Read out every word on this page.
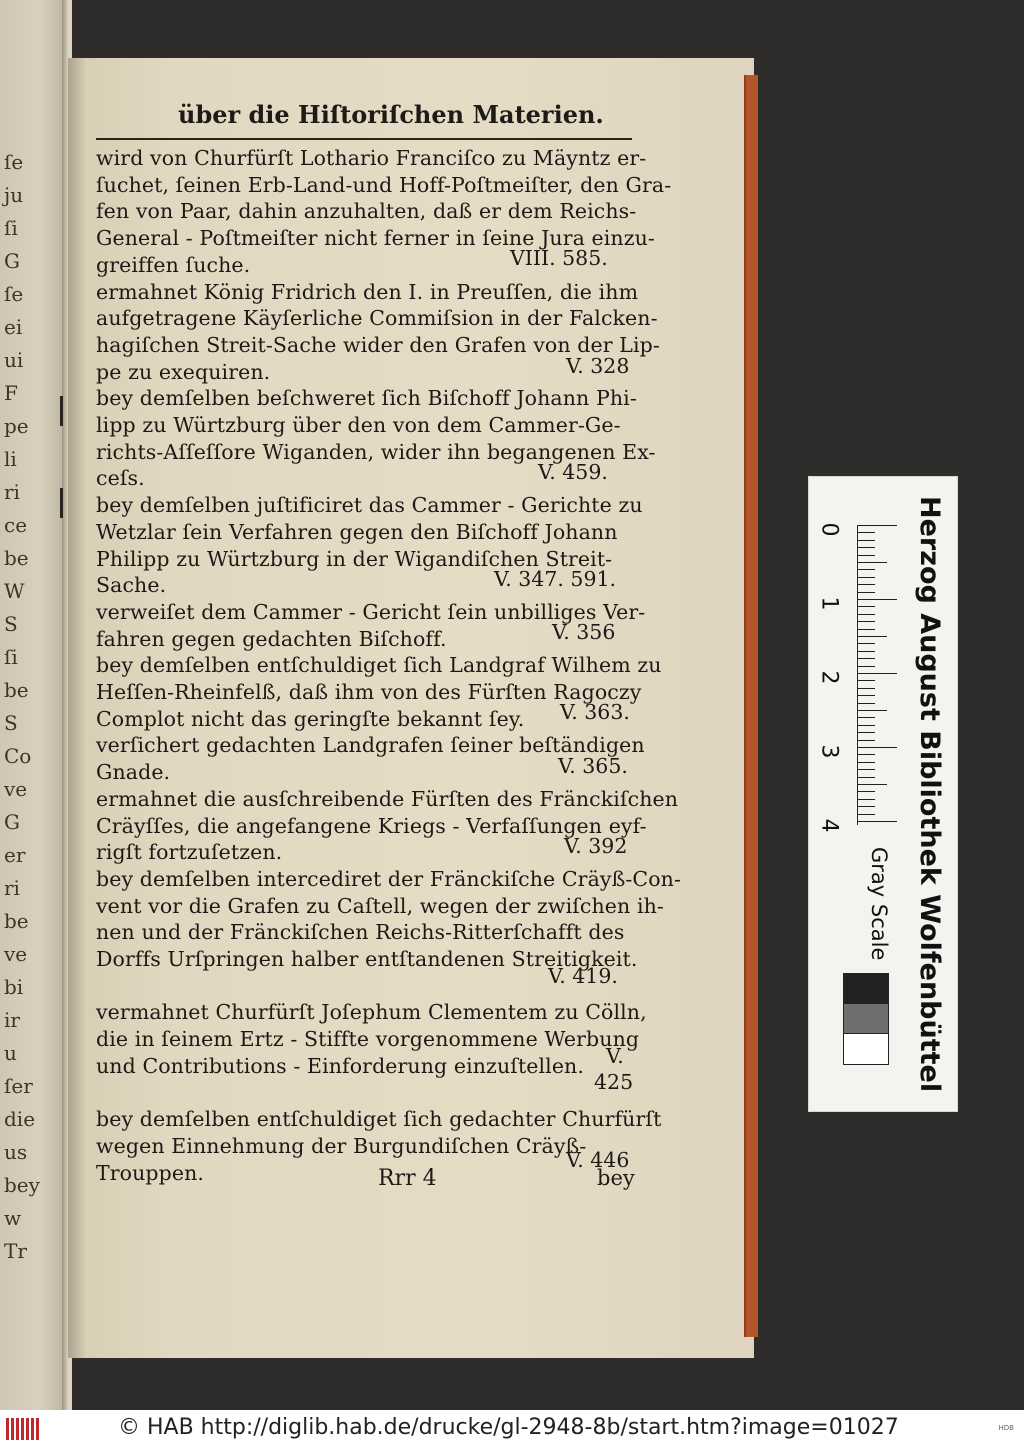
ſe
ju
ſi
G
ſe
ei
ui
F
pe
li
ri
ce
be
W
S
ſi
be
S
Co
ve
G
er
ri
be
ve
bi
ir
u
ſer
die
us
bey
w
Tr
über die Hiſtoriſchen Materien.
wird von Churfürſt Lothario Franciſco zu Mäyntz er-
ſuchet, ſeinen Erb-Land-und Hoff-Poſtmeiſter, den Gra-
fen von Paar, dahin anzuhalten, daß er dem Reichs-
General - Poſtmeiſter nicht ferner in ſeine Jura einzu-
greiffen ſuche.
ermahnet König Fridrich den I. in Preuſſen, die ihm
aufgetragene Käyſerliche Commiſsion in der Falcken-
hagiſchen Streit-Sache wider den Grafen von der Lip-
pe zu exequiren.
bey demſelben beſchweret ſich Biſchoff Johann Phi-
lipp zu Würtzburg über den von dem Cammer-Ge-
richts-Aſſeſſore Wiganden, wider ihn begangenen Ex-
ceſs.
bey demſelben juſtificiret das Cammer - Gerichte zu
Wetzlar ſein Verfahren gegen den Biſchoff Johann
Philipp zu Würtzburg in der Wigandiſchen Streit-
Sache.
verweiſet dem Cammer - Gericht ſein unbilliges Ver-
fahren gegen gedachten Biſchoff.
bey demſelben entſchuldiget ſich Landgraf Wilhem zu
Heſſen-Rheinfelß, daß ihm von des Fürſten Ragoczy
Complot nicht das geringſte bekannt ſey.
verſichert gedachten Landgrafen ſeiner beſtändigen
Gnade.
ermahnet die ausſchreibende Fürſten des Fränckiſchen
Cräyſſes, die angefangene Kriegs - Verfaſſungen eyf-
rigſt fortzuſetzen.
bey demſelben intercediret der Fränckiſche Cräyß-Con-
vent vor die Grafen zu Caſtell, wegen der zwiſchen ih-
nen und der Fränckiſchen Reichs-Ritterſchafft des
Dorffs Urſpringen halber entſtandenen Streitigkeit.
vermahnet Churfürſt Joſephum Clementem zu Cölln,
die in ſeinem Ertz - Stiffte vorgenommene Werbung
und Contributions - Einforderung einzuſtellen.
bey demſelben entſchuldiget ſich gedachter Churfürſt
wegen Einnehmung der Burgundiſchen Cräyß-
Trouppen.
VIII. 585.
V. 328
V. 459.
V. 347. 591.
V. 356
V. 363.
V. 365.
V. 392
V. 419.
V.
425
V. 446
Rrr 4	bey
Herzog August Bibliothek Wolfenbüttel
0
1
2
3
4
Gray Scale
© HAB http://diglib.hab.de/drucke/gl-2948-8b/start.htm?image=01027	HDB
